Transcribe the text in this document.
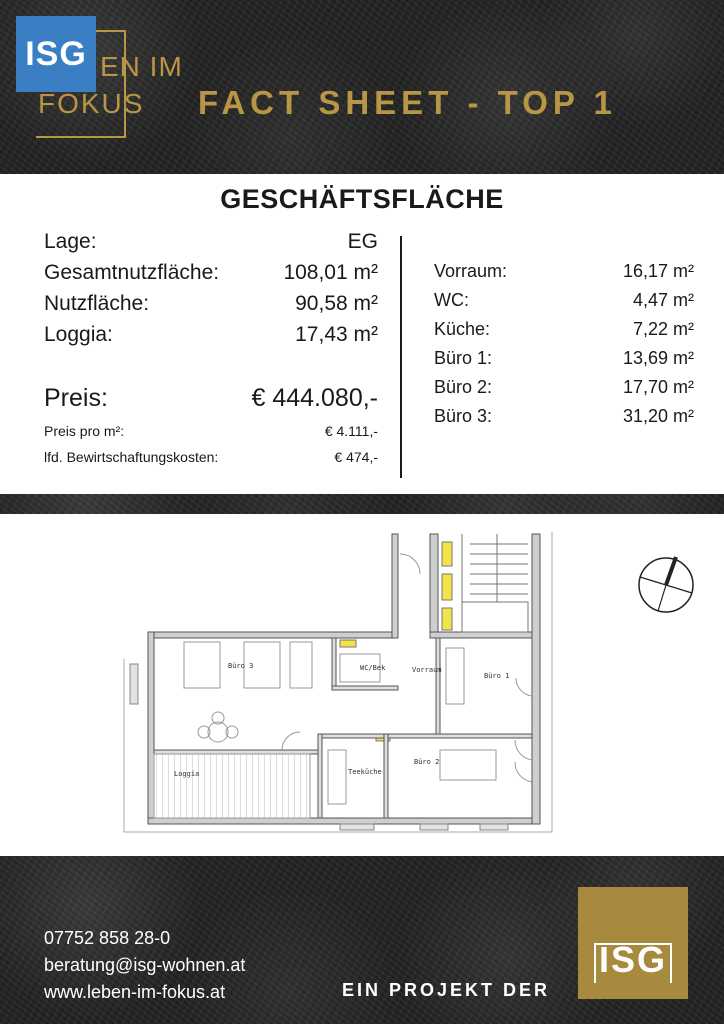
ISG EN IM
FOKUS FACT SHEET - TOP 1
GESCHÄFTSFLÄCHE
Lage:	EG
Gesamtnutzfläche:	108,01 m²
Nutzfläche:	90,58 m²
Loggia:	17,43 m²
Preis:	€ 444.080,-
Preis pro m²:	€ 4.111,-
lfd. Bewirtschaftungskosten:	€ 474,-
Vorraum:	16,17 m²
WC:	4,47 m²
Küche:	7,22 m²
Büro 1:	13,69 m²
Büro 2:	17,70 m²
Büro 3:	31,20 m²
Büro 3	WC/Bek	Vorraum
Büro 1
Loggia	Teeküche
Büro 2
07752 858 28-0
beratung@isg-wohnen.at
www.leben-im-fokus.at	EIN PROJEKT DER
ISG
